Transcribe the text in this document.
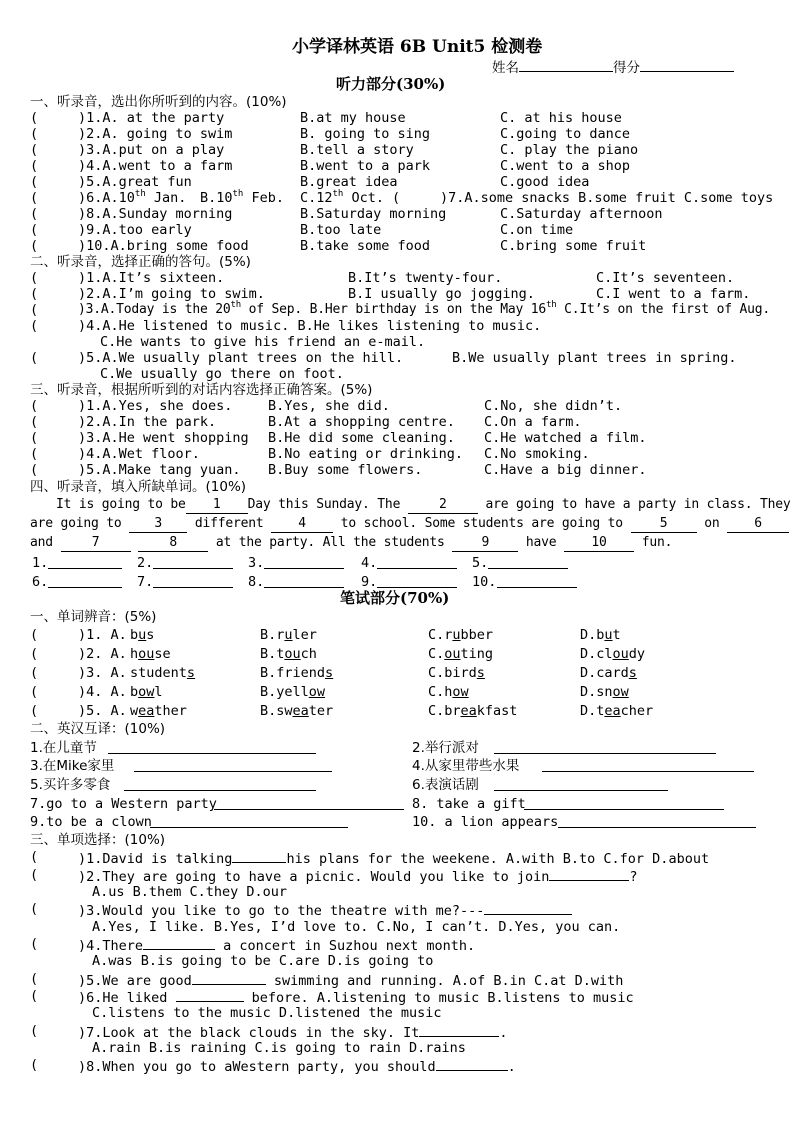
小学译林英语 6B Unit5 检测卷
姓名	得分
听力部分(30%)
一、听录音，选出你所听到的内容。(10%)
(	)1.A. at the party	B.at my house	C. at his house
(	)2.A. going to swim	B. going to sing	C.going to dance
(	)3.A.put on a play	B.tell a story	C. play the piano
(	)4.A.went to a farm	B.went to a park	C.went to a shop
(	)5.A.great fun	B.great idea	C.good idea
(	)6.A.10th Jan. B.10th Feb. C.12th Oct. (	)7.A.some snacks B.some fruit C.some toys
(	)8.A.Sunday morning	B.Saturday morning	C.Saturday afternoon
(	)9.A.too early	B.too late	C.on time
(	)10.A.bring some food	B.take some food	C.bring some fruit
二、听录音，选择正确的答句。(5%)
(	)1.A.It’s sixteen.	B.It’s twenty-four.	C.It’s seventeen.
(	)2.A.I’m going to swim.	B.I usually go jogging.	C.I went to a farm.
(	)3.A.Today is the 20th of Sep. B.Her birthday is on the May 16th C.It’s on the first of Aug.
(	)4.A.He listened to music. B.He likes listening to music.
C.He wants to give his friend an e-mail.
(	)5.A.We usually plant trees on the hill.	B.We usually plant trees in spring.
C.We usually go there on foot.
三、听录音，根据所听到的对话内容选择正确答案。(5%)
(	)1.A.Yes, she does.	B.Yes, she did.	C.No, she didn’t.
(	)2.A.In the park.	B.At a shopping centre. C.On a farm.
(	)3.A.He went shopping B.He did some cleaning. C.He watched a film.
(	)4.A.Wet floor.	B.No eating or drinking. C.No smoking.
(	)5.A.Make tang yuan. B.Buy some flowers.	C.Have a big dinner.
四、听录音，填入所缺单词。(10%)
It is going to be 1 Day this Sunday. The	2	are going to have a party in class. They
are going to	3	different	4	to school. Some students are going to	5	on	6
and	7	8	at the party. All the students	9	have	10	fun.
1.	2.	3.	4.	5.
6.	7.	8.	9.	10.
笔试部分(70%)
一、单词辨音：(5%)
(	)1. A. bus	B.ruler	C.rubber	D.but
(	)2. A. house	B.touch	C.outing	D.cloudy
(	)3. A. students	B.friends	C.birds	D.cards
(	)4. A. bowl	B.yellow	C.how	D.snow
(	)5. A. weather	B.sweater	C.breakfast	D.teacher
二、英汉互译：(10%)
1.在儿童节	2.举行派对
3.在Mike家里	4.从家里带些水果
5.买许多零食	6.表演话剧
7.go to a Western party	8. take a gift
9.to be a clown	10. a lion appears
三、单项选择：(10%)
(	)1.David is talking	his plans for the weekene. A.with B.to C.for D.about
(	)2.They are going to have a picnic. Would you like to join	?
A.us B.them C.they D.our
(	)3.Would you like to go to the theatre with me?---
A.Yes, I like. B.Yes, I’d love to. C.No, I can’t. D.Yes, you can.
(	)4.There	a concert in Suzhou next month.
A.was B.is going to be C.are D.is going to
(	)5.We are good	swimming and running. A.of B.in C.at D.with
(	)6.He liked	before. A.listening to music B.listens to music
C.listens to the music D.listened the music
(	)7.Look at the black clouds in the sky. It	.
A.rain B.is raining C.is going to rain D.rains
(	)8.When you go to aWestern party, you should	.
